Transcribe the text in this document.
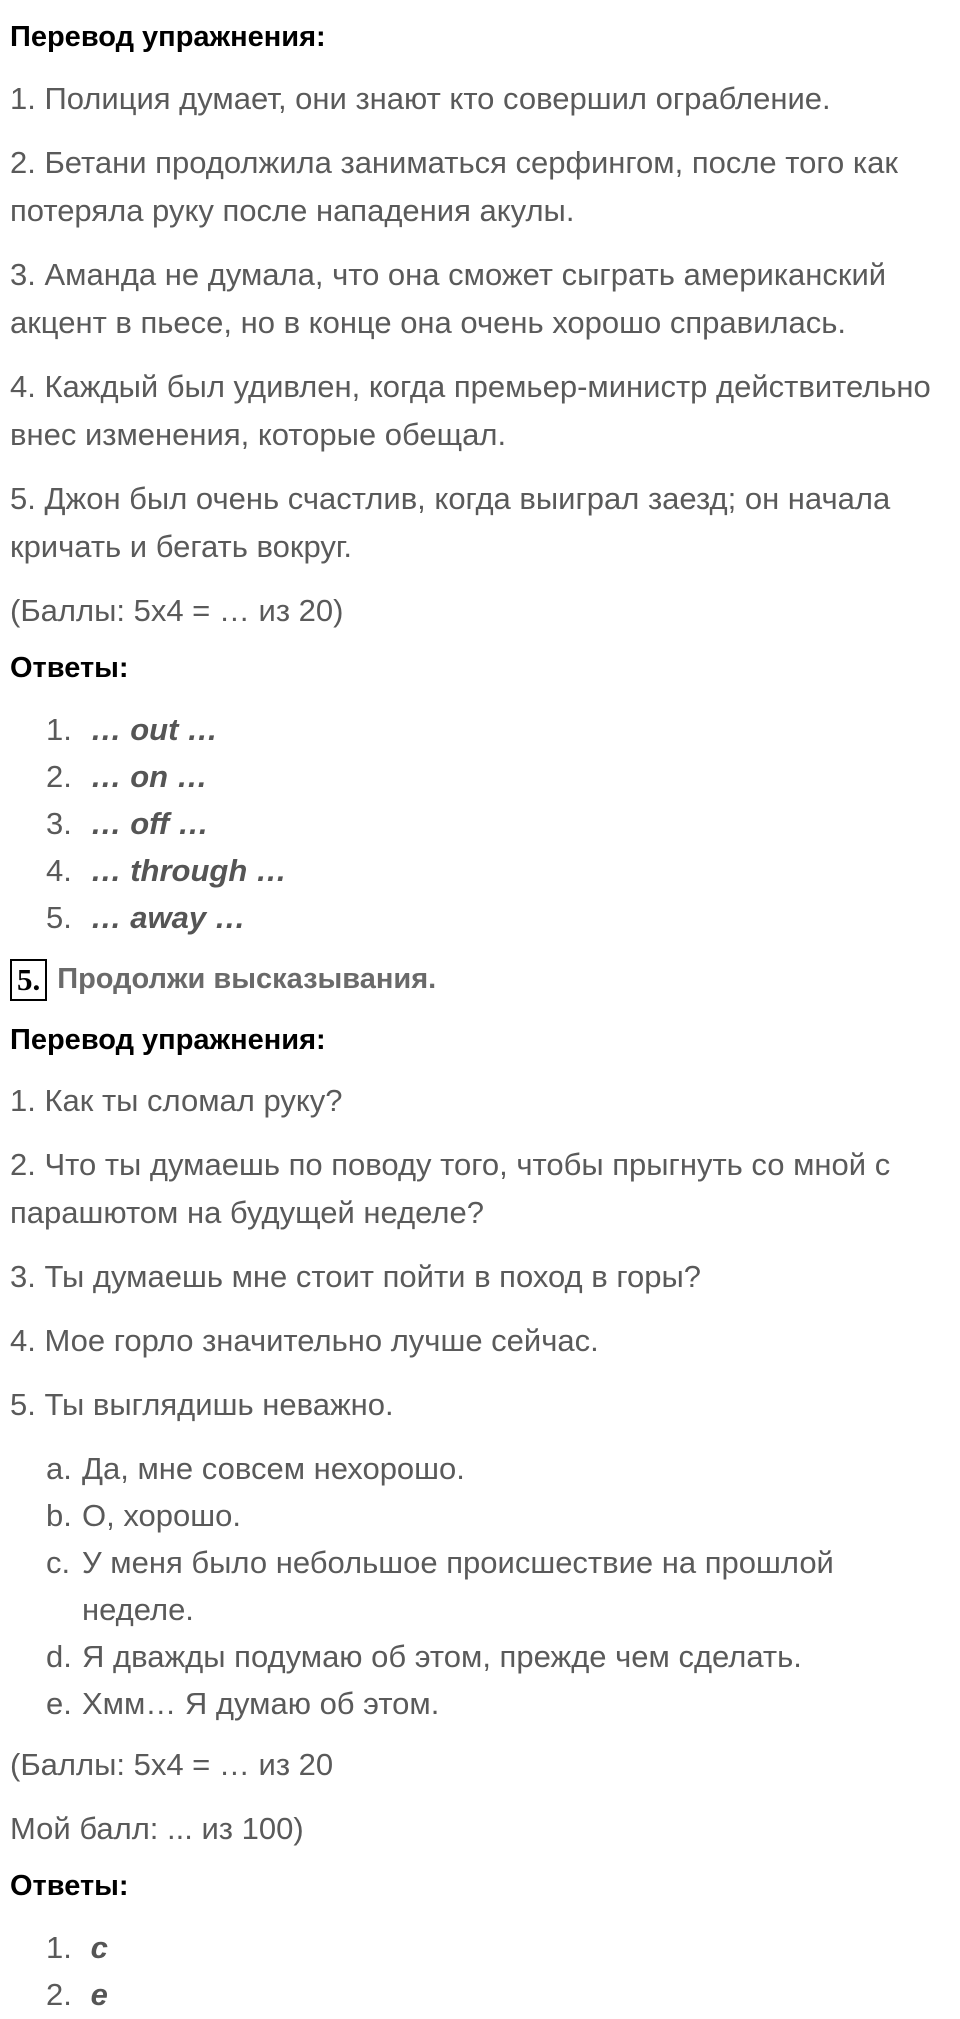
Перевод упражнения:

1. Полиция думает, они знают кто совершил ограбление.

2. Бетани продолжила заниматься серфингом, после того как потеряла руку после нападения акулы.

3. Аманда не думала, что она сможет сыграть американский акцент в пьесе, но в конце она очень хорошо справилась.

4. Каждый был удивлен, когда премьер-министр действительно внес изменения, которые обещал.

5. Джон был очень счастлив, когда выиграл заезд; он начала кричать и бегать вокруг.

(Баллы: 5x4 = … из 20)

Ответы:
1. … out …
2. … on …
3. … off …
4. … through …
5. … away …
5. Продолжи высказывания.
Перевод упражнения:

1. Как ты сломал руку?

2. Что ты думаешь по поводу того, чтобы прыгнуть со мной с парашютом на будущей неделе?

3. Ты думаешь мне стоит пойти в поход в горы?

4. Мое горло значительно лучше сейчас.

5. Ты выглядишь неважно.

a. Да, мне совсем нехорошо.
b. О, хорошо.
c. У меня было небольшое происшествие на прошлой неделе.
d. Я дважды подумаю об этом, прежде чем сделать.
e. Хмм… Я думаю об этом.

(Баллы: 5x4 = … из 20

Мой балл: ... из 100)

Ответы:
1. c
2. e
